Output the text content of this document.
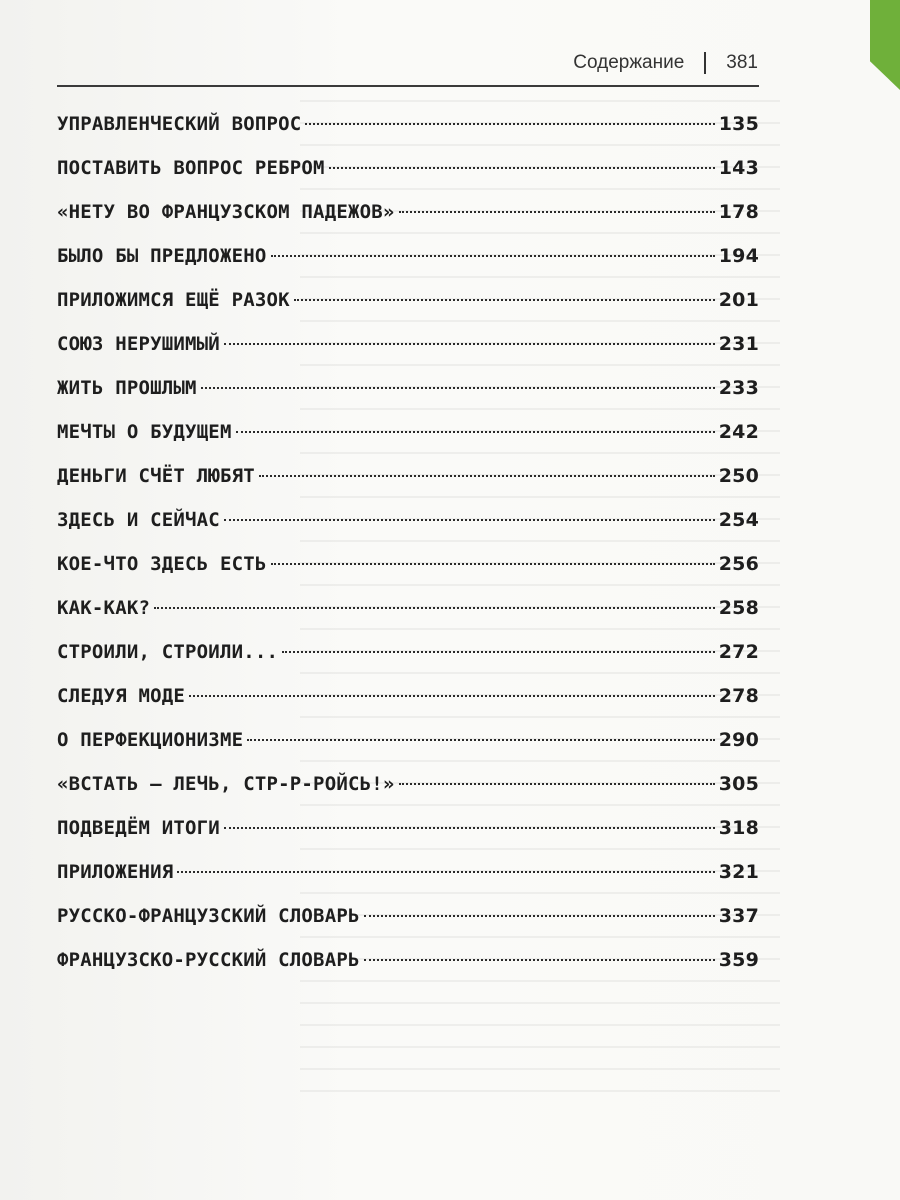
Содержание 381
УПРАВЛЕНЧЕСКИЙ ВОПРОС	135
ПОСТАВИТЬ ВОПРОС РЕБРОМ	143
«НЕТУ ВО ФРАНЦУЗСКОМ ПАДЕЖОВ»	178
БЫЛО БЫ ПРЕДЛОЖЕНО	194
ПРИЛОЖИМСЯ ЕЩЁ РАЗОК	201
СОЮЗ НЕРУШИМЫЙ	231
ЖИТЬ ПРОШЛЫМ	233
МЕЧТЫ О БУДУЩЕМ	242
ДЕНЬГИ СЧЁТ ЛЮБЯТ	250
ЗДЕСЬ И СЕЙЧАС	254
КОЕ-ЧТО ЗДЕСЬ ЕСТЬ	256
КАК-КАК?	258
СТРОИЛИ, СТРОИЛИ...	272
СЛЕДУЯ МОДЕ	278
О ПЕРФЕКЦИОНИЗМЕ	290
«ВСТАТЬ — ЛЕЧЬ, СТР-Р-РОЙСЬ!»	305
ПОДВЕДЁМ ИТОГИ	318
ПРИЛОЖЕНИЯ	321
РУССКО-ФРАНЦУЗСКИЙ СЛОВАРЬ	337
ФРАНЦУЗСКО-РУССКИЙ СЛОВАРЬ	359
